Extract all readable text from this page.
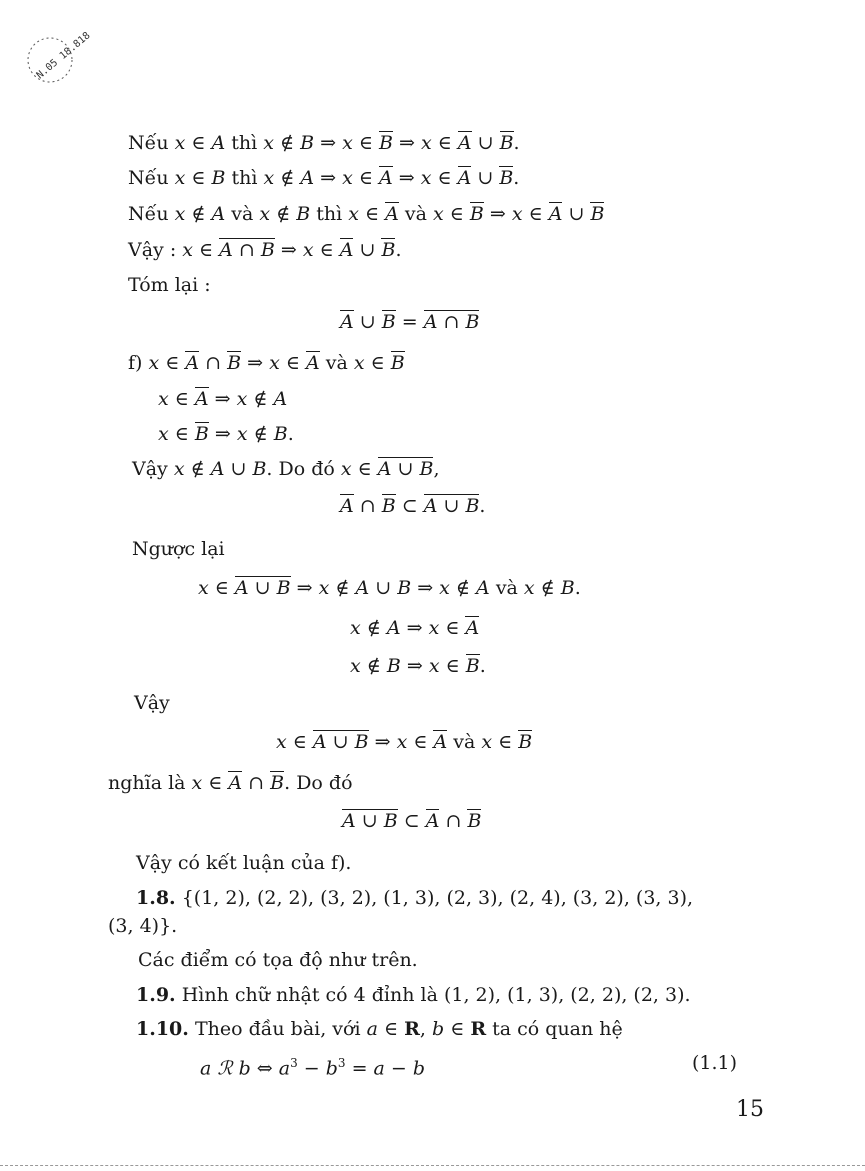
N.05 18.818
Nếu x ∈ A thì x ∉ B ⇒ x ∈ B ⇒ x ∈ A ∪ B.
Nếu x ∈ B thì x ∉ A ⇒ x ∈ A ⇒ x ∈ A ∪ B.
Nếu x ∉ A và x ∉ B thì x ∈ A và x ∈ B ⇒ x ∈ A ∪ B
Vậy : x ∈ A ∩ B ⇒ x ∈ A ∪ B.
Tóm lại :
A ∪ B = A ∩ B
f) x ∈ A ∩ B ⇒ x ∈ A và x ∈ B
x ∈ A ⇒ x ∉ A
x ∈ B ⇒ x ∉ B.
Vậy x ∉ A ∪ B. Do đó x ∈ A ∪ B,
A ∩ B ⊂ A ∪ B.
Ngược lại
x ∈ A ∪ B ⇒ x ∉ A ∪ B ⇒ x ∉ A và x ∉ B.
x ∉ A ⇒ x ∈ A
x ∉ B ⇒ x ∈ B.
Vậy
x ∈ A ∪ B ⇒ x ∈ A và x ∈ B
nghĩa là x ∈ A ∩ B. Do đó
A ∪ B ⊂ A ∩ B
Vậy có kết luận của f).
1.8. {(1, 2), (2, 2), (3, 2), (1, 3), (2, 3), (2, 4), (3, 2), (3, 3),
(3, 4)}.
Các điểm có tọa độ như trên.
1.9. Hình chữ nhật có 4 đỉnh là (1, 2), (1, 3), (2, 2), (2, 3).
1.10. Theo đầu bài, với a ∈ R, b ∈ R ta có quan hệ
a ℛ b ⇔ $a^3 - b^3 = a - b$	(1.1)
15
